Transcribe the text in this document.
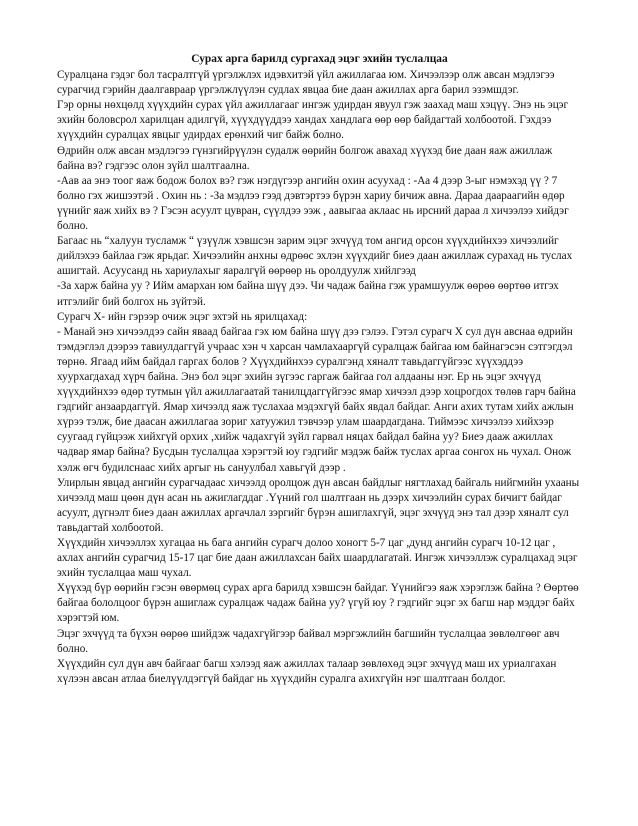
Сурах арга барилд сургахад эцэг эхийн туслалцаа

Суралцана гэдэг бол тасралтгүй үргэлжлэх идэвхитэй үйл ажиллагаа юм. Хичээлээр олж авсан мэдлэгээ сурагчид гэрийн даалгавраар үргэлжлүүлэн судлах явцаа бие даан ажиллах арга барил эзэмшдэг.

Гэр орны нөхцөлд хүүхдийн сурах үйл ажиллагааг ингэж удирдан явуул гэж заахад маш хэцүү. Энэ нь эцэг эхийн боловсрол харилцан адилгүй, хүүхдүүддээ хандах хандлага өөр өөр байдагтай холбоотой. Гэхдээ хүүхдийн суралцах явцыг удирдах ерөнхий чиг байж болно.

Өдрийн олж авсан мэдлэгээ гүнзгийрүүлэн судалж өөрийн болгож авахад хүүхэд бие даан яаж ажиллаж байна вэ? гэдгээс олон зүйл шалтгаална.

-Аав аа энэ тоог яаж бодож болох вэ? гэж нэгдүгээр ангийн охин асуухад : -Аа 4 дээр 3-ыг нэмэхэд үү ? 7 болно гэх жишээтэй . Охин нь : -За мэдлээ гээд дэвтэртээ бүрэн хариу бичиж авна. Дараа даараагийн өдөр үүнийг яаж хийх вэ ? Гэсэн асуулт цувран, сүүлдээ ээж , аавыгаа аклаас нь ирсний дараа л хичээлээ хийдэг болно.

Багаас нь “халуун тусламж “ үзүүлж хэвшсэн зарим эцэг эхчүүд том ангид орсон хүүхдийнхээ хичээлийг дийлэхээ байлаа гэж ярьдаг. Хичээлийн анхны өдрөөс эхлэн хүүхдийг биеэ даан ажиллаж сурахад нь туслах ашигтай. Асуусанд нь хариулахыг яаралгүй өөрөөр нь оролдуулж хийлгээд

-За харж байна уу ? Ийм амархан юм байна шүү дээ. Чи чадаж байна гэж урамшуулж өөрөө өөртөө итгэх итгэлийг бий болгох нь зүйтэй.

Сурагч Х- ийн гэрээр очиж эцэг эхтэй нь ярилцахад:

- Манай энэ хичээлдээ сайн яваад байгаа гэх юм байна шүү дээ гэлээ. Гэтэл сурагч Х сул дүн авснаа өдрийн тэмдэглэл дээрээ тавиулдаггүй учраас хэн ч харсан чамлахааргүй суралцаж байгаа юм байнагэсэн сэтгэгдэл төрнө. Ягаад ийм байдал гаргах болов ? Хүүхдийнхээ суралгэнд хяналт тавьдаггүйгээс хүүхэддээ хуурхагдахад хүрч байна. Энэ бол эцэг эхийн зүгээс гаргаж байгаа гол алдааны нэг. Ер нь эцэг эхчүүд хүүхдийнхээ өдөр тутмын үйл ажиллагаатай танилцдаггүйгээс ямар хичээл дээр хоцрогдох төлөв гарч байна гэдгийг анзаардаггүй. Ямар хичээлд яаж туслахаа мэдэхгүй байх явдал байдаг. Анги ахих тутам хийх ажлын хүрээ тэлж, бие даасан ажиллагаа зориг хатуужил тэвчээр улам шаардагдана. Тиймээс хичээлээ хийхээр суугаад гүйцээж хийхгүй орхих ,хийж чадахгүй зүйл гарвал няцах байдал байна уу? Биеэ дааж ажиллах чадвар ямар байна? Бусдын туслалцаа хэрэгтэй юу гэдгийг мэдэж байж туслах аргаа сонгох нь чухал. Онож хэлж өгч будилснаас хийх аргыг нь сануулбал хавьгүй дээр .

Улирлын явцад ангийн сурагчадаас хичээлд оролцож дүн авсан байдлыг нягтлахад байгаль нийгмийн ухааны хичээлд маш цөөн дүн асан нь ажиглагддаг .Үүний гол шалтгаан нь дээрх хичээлийн сурах бичигт байдаг асуулт, дүгнэлт биеэ даан ажиллах аргачлал зэргийг бүрэн ашиглахгүй, эцэг эхчүүд энэ тал дээр хяналт сул тавьдагтай холбоотой.

Хүүхдийн хичээллэх хугацаа нь бага ангийн сурагч долоо хоногт 5-7 цаг ,дунд ангийн сурагч 10-12 цаг , ахлах ангийн сурагчид 15-17 цаг бие даан ажиллахсан байх шаардлагатай. Ингэж хичээллэж суралцахад эцэг эхийн туслалцаа маш чухал.

Хүүхэд бүр өөрийн гэсэн өвөрмөц сурах арга барилд хэвшсэн байдаг. Үүнийгээ яаж хэрэглэж байна ? Өөртөө байгаа бололцоог бүрэн ашиглаж суралцаж чадаж байна уу? үгүй юу ? гэдгийг эцэг эх багш нар мэддэг байх хэрэгтэй юм.

Эцэг эхчүүд та бүхэн өөрөө шийдэж чадахгүйгээр байвал мэргэжлийн багшийн туслалцаа зөвлөлгөөг авч болно.

Хүүхдийн сул дүн авч байгааг багш хэлээд яаж ажиллах талаар зөвлөхөд эцэг эхчүүд маш их уриалгахан хүлээн авсан атлаа биелүүлдэггүй байдаг нь хүүхдийн суралга ахихгүйн нэг шалтгаан болдог.
